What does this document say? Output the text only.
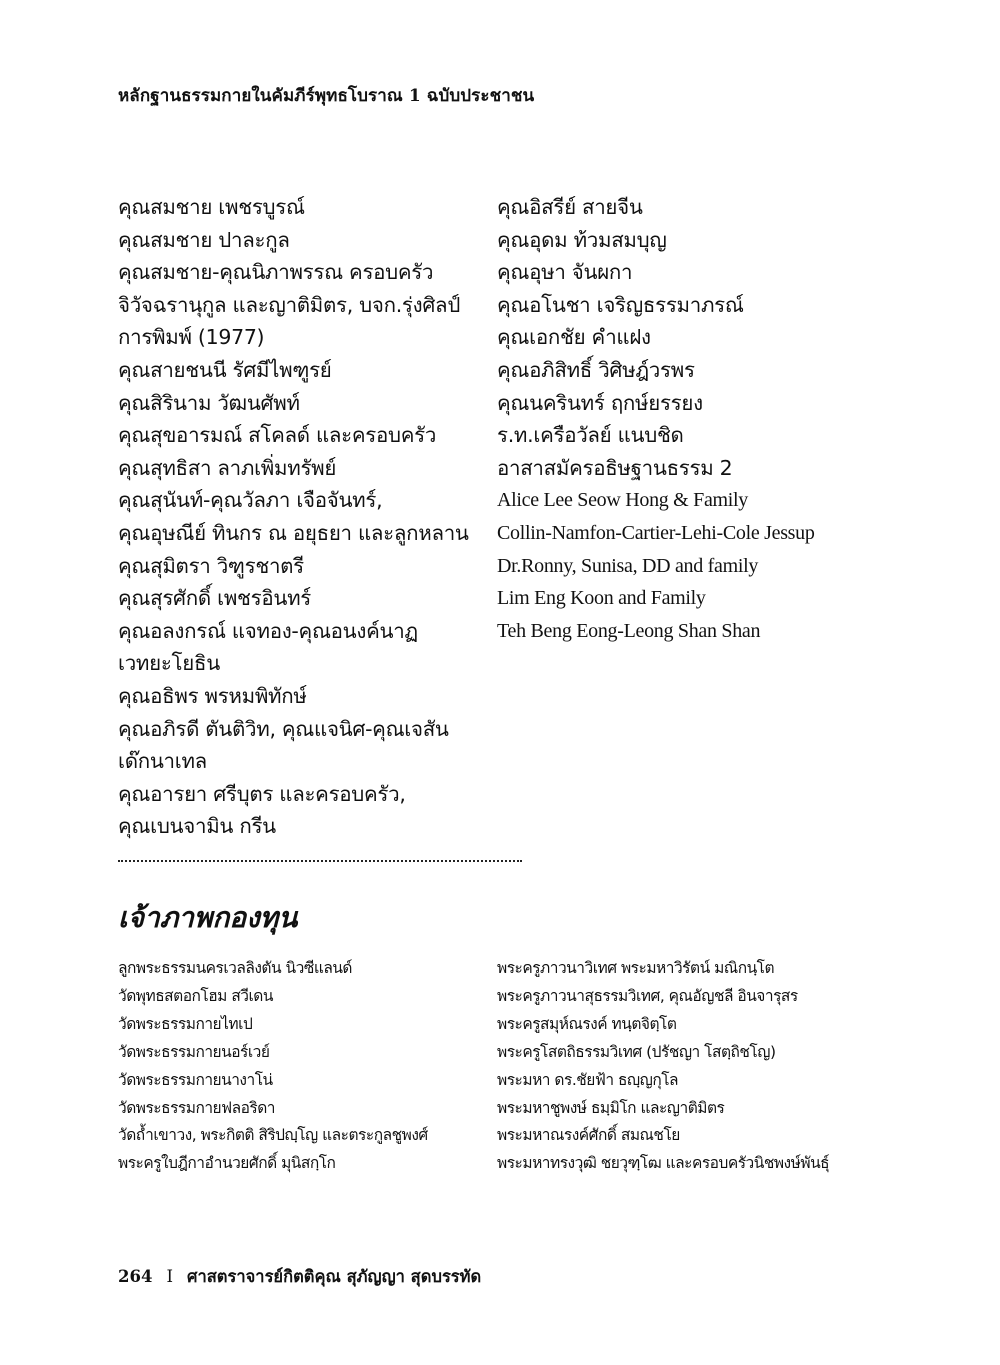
หลักฐานธรรมกายในคัมภีร์พุทธโบราณ 1 ฉบับประชาชน
คุณสมชาย เพชรบูรณ์
คุณสมชาย ปาละกูล
คุณสมชาย-คุณนิภาพรรณ ครอบครัว
จิวัจฉรานุกูล และญาติมิตร, บจก.รุ่งศิลป์
การพิมพ์ (1977)
คุณสายชนนี รัศมีไพฑูรย์
คุณสิรินาม วัฒนศัพท์
คุณสุขอารมณ์ สโคลด์ และครอบครัว
คุณสุทธิสา ลาภเพิ่มทรัพย์
คุณสุนันท์-คุณวัลภา เจือจันทร์,
คุณอุษณีย์ ทินกร ณ อยุธยา และลูกหลาน
คุณสุมิตรา วิฑูรชาตรี
คุณสุรศักดิ์ เพชรอินทร์
คุณอลงกรณ์ แจทอง-คุณอนงค์นาฏ
เวทยะโยธิน
คุณอธิพร พรหมพิทักษ์
คุณอภิรดี ตันติวิท, คุณแจนิศ-คุณเจสัน
เด๊กนาเทล
คุณอารยา ศรีบุตร และครอบครัว,
คุณเบนจามิน กรีน
คุณอิสรีย์ สายจีน
คุณอุดม ท้วมสมบุญ
คุณอุษา จันผกา
คุณอโนชา เจริญธรรมาภรณ์
คุณเอกชัย คำแฝง
คุณอภิสิทธิ์ วิศิษฎ์วรพร
คุณนครินทร์ ฤกษ์ยรรยง
ร.ท.เครือวัลย์ แนบชิด
อาสาสมัครอธิษฐานธรรม 2
Alice Lee Seow Hong & Family
Collin-Namfon-Cartier-Lehi-Cole Jessup
Dr.Ronny, Sunisa, DD and family
Lim Eng Koon and Family
Teh Beng Eong-Leong Shan Shan
เจ้าภาพกองทุน
ลูกพระธรรมนครเวลลิงตัน นิวซีแลนด์
วัดพุทธสตอกโฮม สวีเดน
วัดพระธรรมกายไทเป
วัดพระธรรมกายนอร์เวย์
วัดพระธรรมกายนางาโน่
วัดพระธรรมกายฟลอริดา
วัดถ้ำเขาวง, พระกิตติ สิริปญฺโญ และตระกูลชูพงศ์
พระครูใบฎีกาอำนวยศักดิ์ มุนิสกฺโก
พระครูภาวนาวิเทศ พระมหาวิรัตน์ มณิกนฺโต
พระครูภาวนาสุธรรมวิเทศ, คุณอัญชลี อินจารุสร
พระครูสมุห์ณรงค์ ทนฺตจิตฺโต
พระครูโสตถิธรรมวิเทศ (ปรัชญา โสตฺถิชโญ)
พระมหา ดร.ชัยฟ้า ธญฺญกุโล
พระมหาชูพงษ์ ธมฺมิโก และญาติมิตร
พระมหาณรงค์ศักดิ์ สมณชโย
พระมหาทรงวุฒิ ชยวุฑฺโฒ และครอบครัวนิชพงษ์พันธุ์
264 I ศาสตราจารย์กิตติคุณ สุภัญญา สุดบรรทัด
